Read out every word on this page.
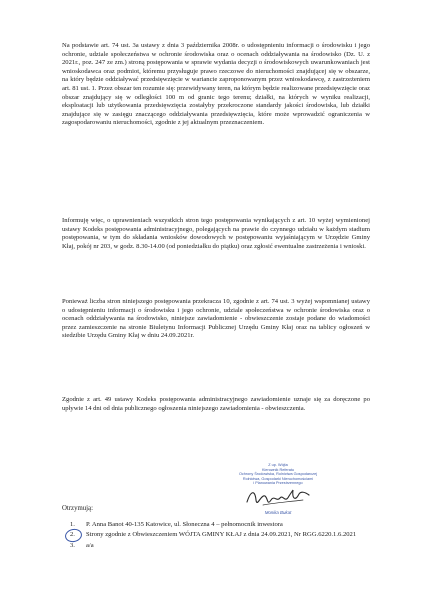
Na podstawie art. 74 ust. 3a ustawy z dnia 3 października 2008r. o udostępnieniu informacji o środowisku i jego ochronie, udziale społeczeństwa w ochronie środowiska oraz o ocenach oddziaływania na środowisko (Dz. U. z 2021r., poz. 247 ze zm.) stroną postępowania w sprawie wydania decyzji o środowiskowych uwarunkowaniach jest wnioskodawca oraz podmiot, któremu przysługuje prawo rzeczowe do nieruchomości znajdującej się w obszarze, na który będzie oddziaływać przedsięwzięcie w wariancie zaproponowanym przez wnioskodawcę, z zastrzeżeniem art. 81 ust. 1. Przez obszar ten rozumie się: przewidywany teren, na którym będzie realizowane przedsięwzięcie oraz obszar znajdujący się w odległości 100 m od granic tego terenu; działki, na których w wyniku realizacji, eksploatacji lub użytkowania przedsięwzięcia zostałyby przekroczone standardy jakości środowiska, lub działki znajdujące się w zasięgu znaczącego oddziaływania przedsięwzięcia, które może wprowadzić ograniczenia w zagospodarowaniu nieruchomości, zgodnie z jej aktualnym przeznaczeniem.

Informuję więc, o uprawnieniach wszystkich stron tego postępowania wynikających z art. 10 wyżej wymienionej ustawy Kodeks postępowania administracyjnego, polegających na prawie do czynnego udziału w każdym stadium postępowania, w tym do składania wniosków dowodowych w postępowaniu wyjaśniającym w Urzędzie Gminy Kłaj, pokój nr 203, w godz. 8.30-14.00 (od poniedziałku do piątku) oraz zgłosić ewentualne zastrzeżenia i wnioski.

Ponieważ liczba stron niniejszego postępowania przekracza 10, zgodnie z art. 74 ust. 3 wyżej wspomnianej ustawy o udostępnieniu informacji o środowisku i jego ochronie, udziale społeczeństwa w ochronie środowiska oraz o ocenach oddziaływania na środowisko, niniejsze zawiadomienie - obwieszczenie zostaje podane do wiadomości przez zamieszczenie na stronie Biuletynu Informacji Publicznej Urzędu Gminy Kłaj oraz na tablicy ogłoszeń w siedzibie Urzędu Gminy Kłaj w dniu 24.09.2021r.

Zgodnie z art. 49 ustawy Kodeks postępowania administracyjnego zawiadomienie uznaje się za doręczone po upływie 14 dni od dnia publicznego ogłoszenia niniejszego zawiadomienia - obwieszczenia.

Z up. Wójta
Kierownik Referatu
Ochrony Środowiska, Rolnictwa Gospodarczej
Rolnictwa, Gospodarki Nieruchomościami
i Planowania Przestrzennego
Monika Bukat
Otrzymują:
1. P. Anna Banot 40-135 Katowice, ul. Słoneczna 4 – pełnomocnik inwestora
2. Strony zgodnie z Obwieszczeniem WÓJTA GMINY KŁAJ z dnia 24.09.2021, Nr RGG.6220.1.6.2021
3. a/a
